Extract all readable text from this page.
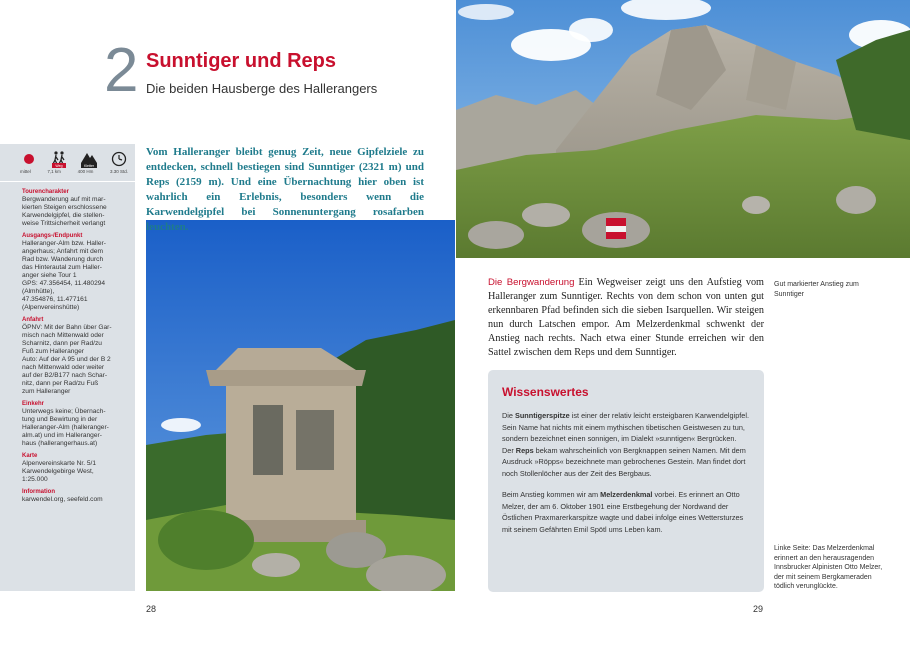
2 Sunntiger und Reps
Die beiden Hausberge des Hallerangers

Vom Halleranger bleibt genug Zeit, neue Gipfelziele zu entdecken, schnell bestiegen sind Sunntiger (2321 m) und Reps (2159 m). Und eine Übernachtung hier oben ist wahrlich ein Erlebnis, besonders wenn die Karwendelgipfel bei Sonnenuntergang rosafarben leuchten.

Weg	Kletter
mittel	7,1 km	400 Hm	3.30 Std.
Tourencharakter
Bergwanderung auf mit mar-
kierten Steigen erschlossene
Karwendelgipfel, die stellen-
weise Trittsicherheit verlangt
Ausgangs-/Endpunkt
Halleranger-Alm bzw. Haller-
angerhaus; Anfahrt mit dem
Rad bzw. Wanderung durch
das Hinterautal zum Haller-
anger siehe Tour 1
GPS: 47.356454, 11.480294
(Almhütte),
47.354876, 11.477161
(Alpenvereinshütte)
Anfahrt
ÖPNV: Mit der Bahn über Gar-
misch nach Mittenwald oder
Scharnitz, dann per Rad/zu
Fuß zum Halleranger
Auto: Auf der A 95 und der B 2
nach Mittenwald oder weiter
auf der B2/B177 nach Schar-
nitz, dann per Rad/zu Fuß
zum Halleranger
Einkehr
Unterwegs keine; Übernach-
tung und Bewirtung in der
Halleranger-Alm (halleranger-
alm.at) und im Halleranger-
haus (hallerangerhaus.at)
Karte
Alpenvereinskarte Nr. 5/1
Karwendelgebirge West,
1:25.000
Information
karwendel.org, seefeld.com

Die Bergwanderung Ein Wegweiser zeigt uns den Aufstieg vom Halleranger zum Sunntiger. Rechts von dem schon von unten gut erkennbaren Pfad befinden sich die sieben Isarquellen. Wir steigen nun durch Latschen empor. Am Melzerdenkmal schwenkt der Anstieg nach rechts. Nach etwa einer Stunde erreichen wir den Sattel zwischen dem Reps und dem Sunntiger.

Gut markierter Anstieg zum Sunntiger

Wissenswertes

Die Sunntigerspitze ist einer der relativ leicht ersteigbaren Karwendelgipfel. Sein Name hat nichts mit einem mythischen tibetischen Geistwesen zu tun, sondern bezeichnet einen sonnigen, im Dialekt »sunntigen« Bergrücken. Der Reps bekam wahrscheinlich von Bergknappen seinen Namen. Mit dem Ausdruck »Röpps« bezeichnete man gebrochenes Gestein. Man findet dort noch Stollenlöcher aus der Zeit des Bergbaus.

Beim Anstieg kommen wir am Melzerdenkmal vorbei. Es erinnert an Otto Melzer, der am 6. Oktober 1901 eine Erstbegehung der Nordwand der Östlichen Praxmarerkarspitze wagte und dabei infolge eines Wettersturzes mit seinem Gefährten Emil Spötl ums Leben kam.

Linke Seite: Das Melzerdenkmal erinnert an den herausragenden Innsbrucker Alpinisten Otto Melzer, der mit seinem Bergkameraden tödlich verunglückte.

28	29
